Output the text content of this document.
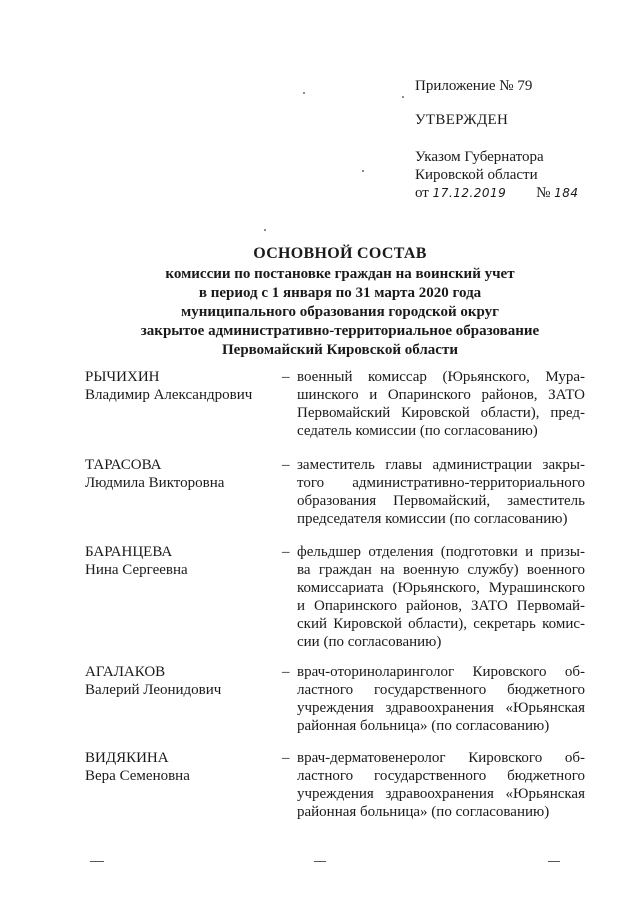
Приложение № 79
УТВЕРЖДЕН
Указом Губернатора
Кировской области
от 17.12.2019 № 184
ОСНОВНОЙ СОСТАВ
комиссии по постановке граждан на воинский учет
в период с 1 января по 31 марта 2020 года
муниципального образования городской округ
закрытое административно-территориальное образование
Первомайский Кировской области
РЫЧИХИН
Владимир Александрович
– военный комиссар (Юрьянского, Мура-
шинского и Опаринского районов, ЗАТО
Первомайский Кировской области), пред-
седатель комиссии (по согласованию)
ТАРАСОВА
Людмила Викторовна
– заместитель главы администрации закры-
того административно-территориального
образования Первомайский, заместитель
председателя комиссии (по согласованию)
БАРАНЦЕВА
Нина Сергеевна
– фельдшер отделения (подготовки и призы-
ва граждан на военную службу) военного
комиссариата (Юрьянского, Мурашинского
и Опаринского районов, ЗАТО Первомай-
ский Кировской области), секретарь комис-
сии (по согласованию)
АГАЛАКОВ
Валерий Леонидович
– врач-оториноларинголог Кировского об-
ластного государственного бюджетного
учреждения здравоохранения «Юрьянская
районная больница» (по согласованию)
ВИДЯКИНА
Вера Семеновна
– врач-дерматовенеролог Кировского об-
ластного государственного бюджетного
учреждения здравоохранения «Юрьянская
районная больница» (по согласованию)
